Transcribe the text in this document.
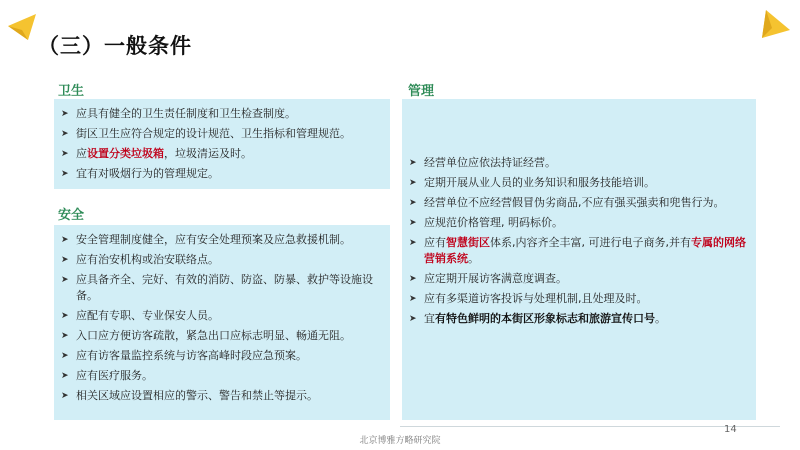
（三）一般条件
卫生
➤ 应具有健全的卫生责任制度和卫生检查制度。
➤ 街区卫生应符合规定的设计规范、卫生指标和管理规范。
➤ 应设置分类垃圾箱，垃圾清运及时。
➤ 宜有对吸烟行为的管理规定。
安全
➤ 安全管理制度健全，应有安全处理预案及应急救援机制。
➤ 应有治安机构或治安联络点。
➤ 应具备齐全、完好、有效的消防、防盗、防暴、救护等设施设备。
➤ 应配有专职、专业保安人员。
➤ 入口应方便访客疏散，紧急出口应标志明显、畅通无阻。
➤ 应有访客量监控系统与访客高峰时段应急预案。
➤ 应有医疗服务。
➤ 相关区域应设置相应的警示、警告和禁止等提示。
管理
➤ 经营单位应依法持证经营。
➤ 定期开展从业人员的业务知识和服务技能培训。
➤ 经营单位不应经营假冒伪劣商品,不应有强买强卖和兜售行为。
➤ 应规范价格管理, 明码标价。
➤ 应有智慧街区体系,内容齐全丰富, 可进行电子商务,并有专属的网络营销系统。
➤ 应定期开展访客满意度调查。
➤ 应有多渠道访客投诉与处理机制,且处理及时。
➤ 宜有特色鲜明的本街区形象标志和旅游宣传口号。
14
北京博雅方略研究院
